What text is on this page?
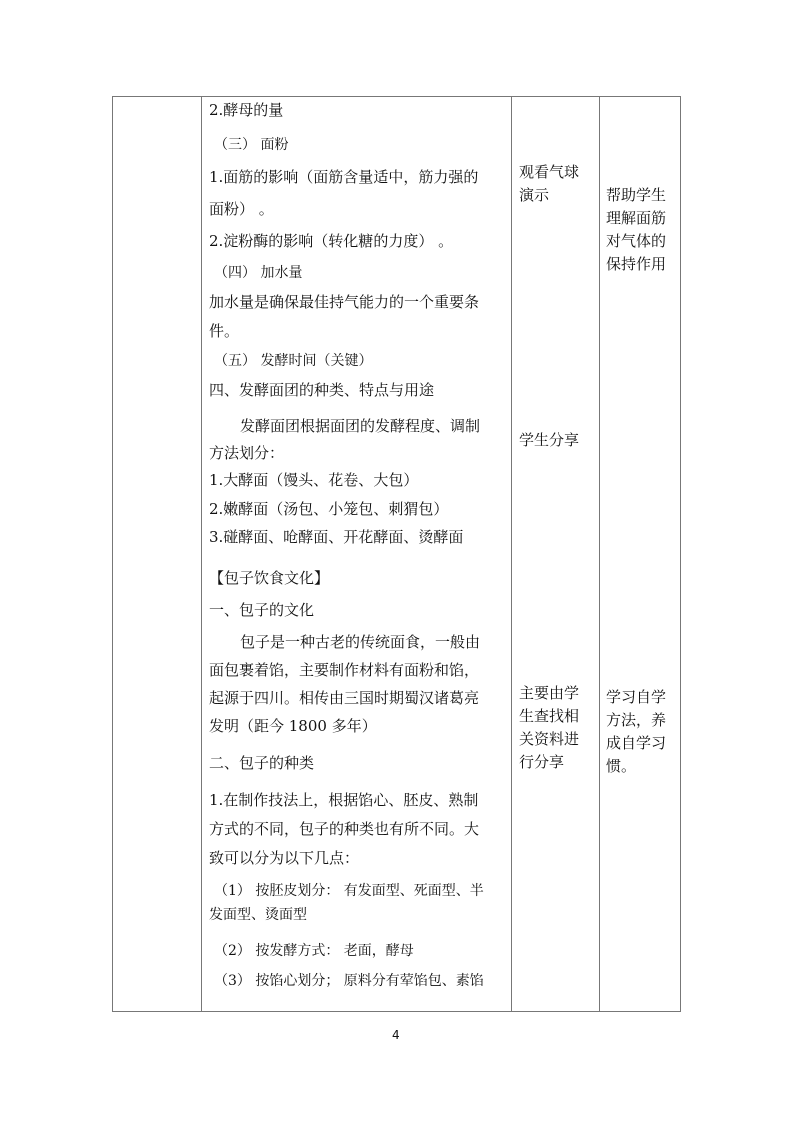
2.酵母的量
（三） 面粉
1.面筋的影响（面筋含量适中，筋力强的
面粉） 。
2.淀粉酶的影响（转化糖的力度） 。
（四） 加水量
加水量是确保最佳持气能力的一个重要条
件。
（五） 发酵时间（关键）
四、发酵面团的种类、特点与用途
发酵面团根据面团的发酵程度、调制
方法划分：
1.大酵面（馒头、花卷、大包）
2.嫩酵面（汤包、小笼包、刺猬包）
3.碰酵面、呛酵面、开花酵面、烫酵面
【包子饮食文化】
一、包子的文化
包子是一种古老的传统面食，一般由
面包裹着馅，主要制作材料有面粉和馅，
起源于四川。相传由三国时期蜀汉诸葛亮
发明（距今 1800 多年）
二、包子的种类
1.在制作技法上，根据馅心、胚皮、熟制
方式的不同，包子的种类也有所不同。大
致可以分为以下几点：
（1） 按胚皮划分： 有发面型、死面型、半
发面型、烫面型
（2） 按发酵方式： 老面，酵母
（3） 按馅心划分； 原料分有荤馅包、素馅
观看气球
演示
学生分享
主要由学
生查找相
关资料进
行分享
帮助学生
理解面筋
对气体的
保持作用
学习自学
方法，养
成自学习
惯。
4
